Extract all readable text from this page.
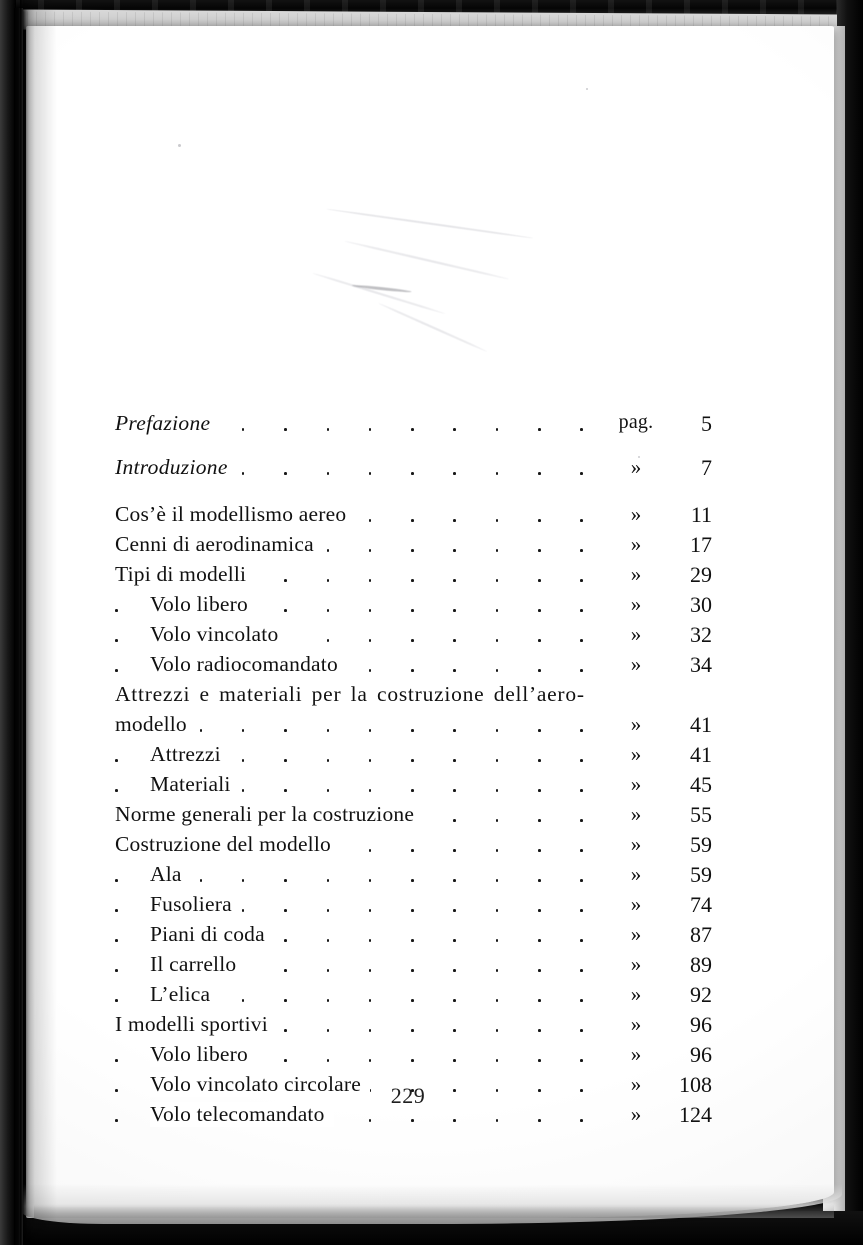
Prefazione	pag.	5
Introduzione	»	7
Cos’è il modellismo aereo	»	11
Cenni di aerodinamica	»	17
Tipi di modelli	»	29
Volo libero	»	30
Volo vincolato	»	32
Volo radiocomandato	»	34
Attrezzi e materiali per la costruzione dell’aero-
modello	»	41
Attrezzi	»	41
Materiali	»	45
Norme generali per la costruzione	»	55
Costruzione del modello	»	59
Ala	»	59
Fusoliera	»	74
Piani di coda	»	87
Il carrello	»	89
L’elica	»	92
I modelli sportivi	»	96
Volo libero	»	96
Volo vincolato circolare	»	108
Volo telecomandato	»	124
229
